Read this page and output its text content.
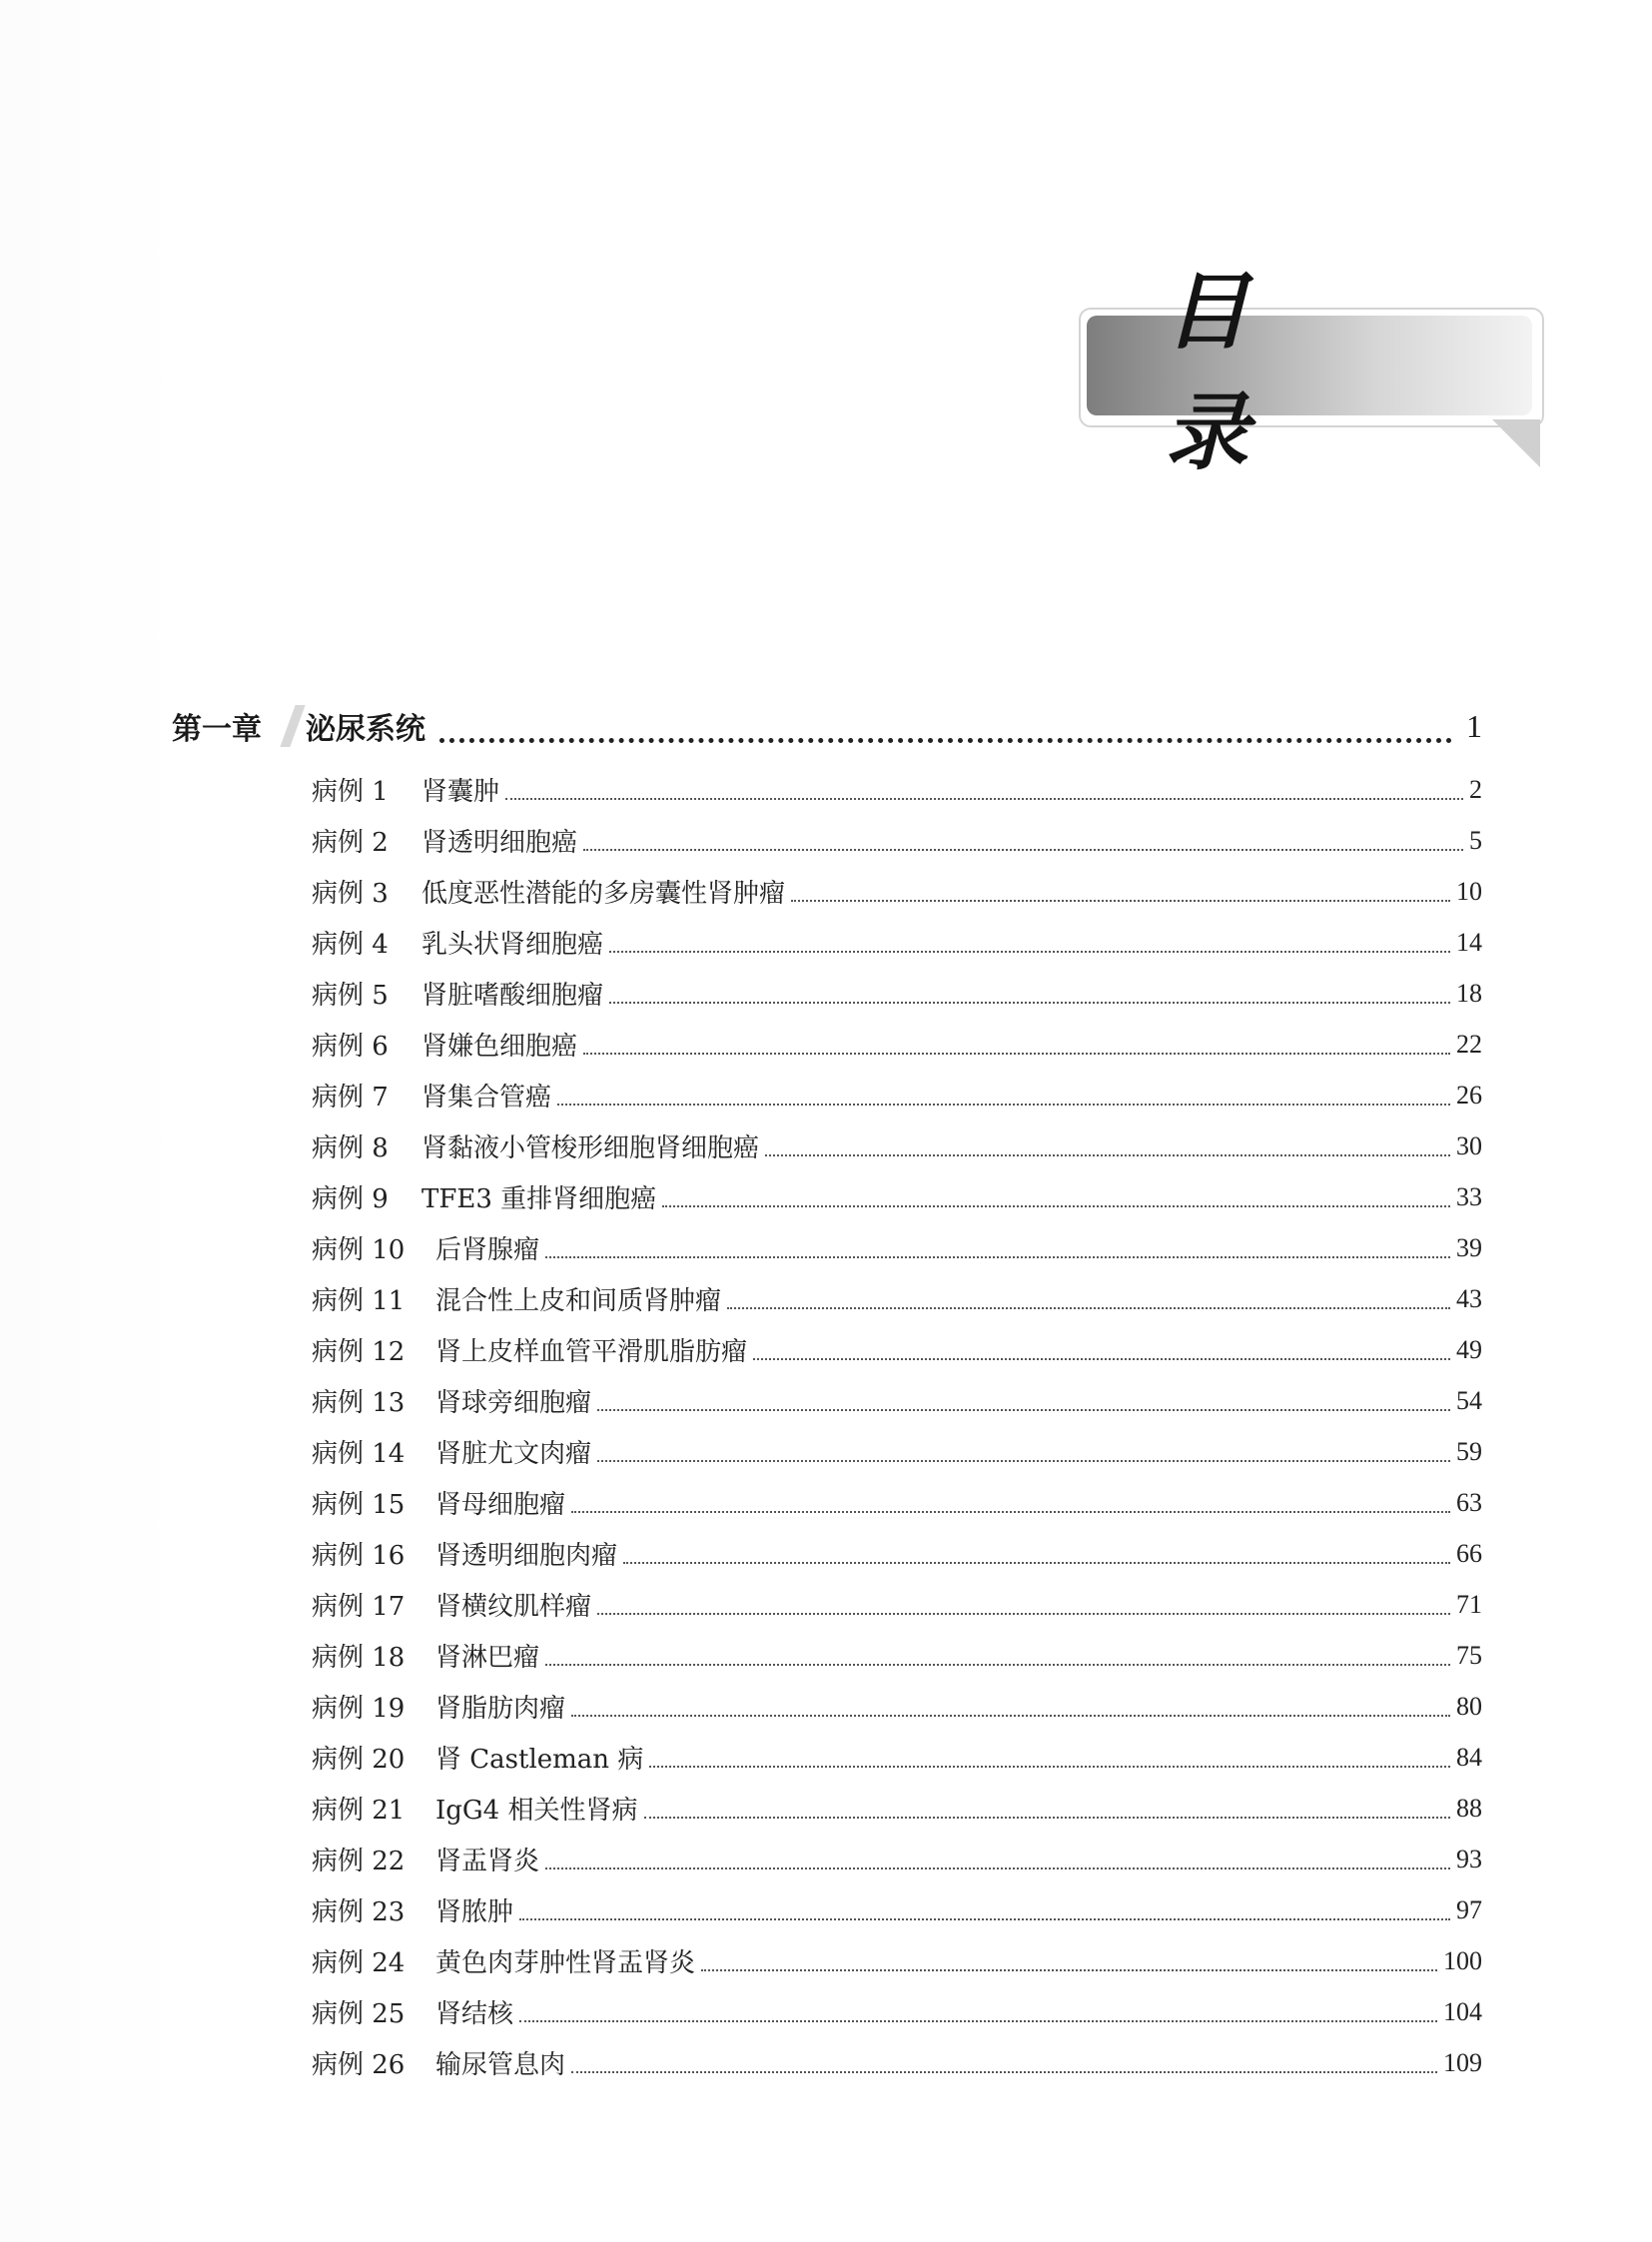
目 录
第一章	泌尿系统	1
病例 1	肾囊肿	2
病例 2	肾透明细胞癌	5
病例 3	低度恶性潜能的多房囊性肾肿瘤	10
病例 4	乳头状肾细胞癌	14
病例 5	肾脏嗜酸细胞瘤	18
病例 6	肾嫌色细胞癌	22
病例 7	肾集合管癌	26
病例 8	肾黏液小管梭形细胞肾细胞癌	30
病例 9	TFE3 重排肾细胞癌	33
病例 10	后肾腺瘤	39
病例 11	混合性上皮和间质肾肿瘤	43
病例 12	肾上皮样血管平滑肌脂肪瘤	49
病例 13	肾球旁细胞瘤	54
病例 14	肾脏尤文肉瘤	59
病例 15	肾母细胞瘤	63
病例 16	肾透明细胞肉瘤	66
病例 17	肾横纹肌样瘤	71
病例 18	肾淋巴瘤	75
病例 19	肾脂肪肉瘤	80
病例 20	肾 Castleman 病	84
病例 21	IgG4 相关性肾病	88
病例 22	肾盂肾炎	93
病例 23	肾脓肿	97
病例 24	黄色肉芽肿性肾盂肾炎	100
病例 25	肾结核	104
病例 26	输尿管息肉	109
